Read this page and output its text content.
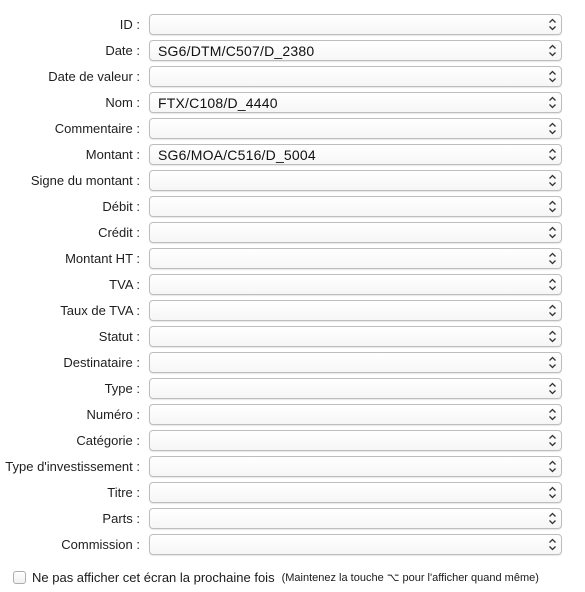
ID :
Date :	SG6/DTM/C507/D_2380
Date de valeur :
Nom :	FTX/C108/D_4440
Commentaire :
Montant :	SG6/MOA/C516/D_5004
Signe du montant :
Débit :
Crédit :
Montant HT :
TVA :
Taux de TVA :
Statut :
Destinataire :
Type :
Numéro :
Catégorie :
Type d'investissement :
Titre :
Parts :
Commission :
Ne pas afficher cet écran la prochaine fois (Maintenez la touche ⌥ pour l'afficher quand même)
